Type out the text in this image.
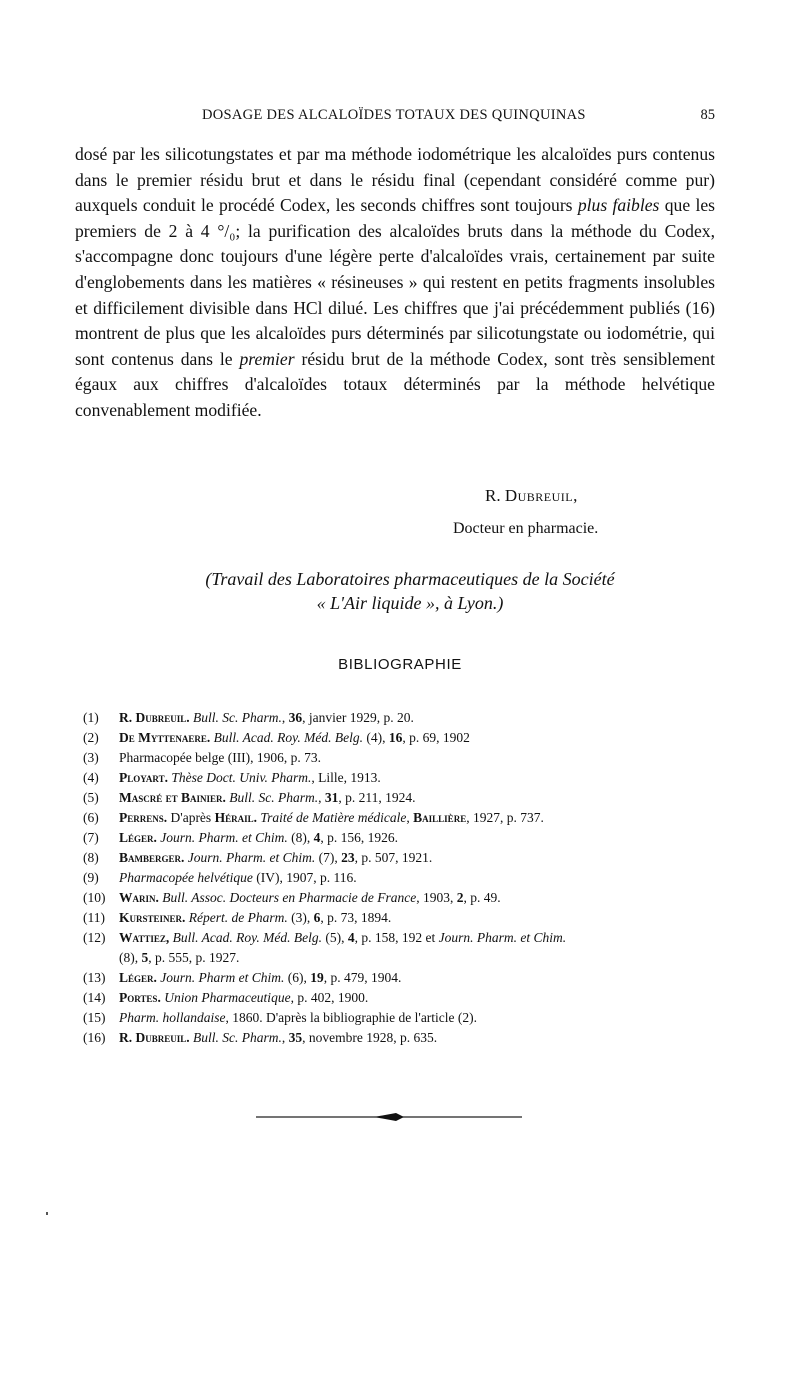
DOSAGE DES ALCALOÏDES TOTAUX DES QUINQUINAS	85

dosé par les silicotungstates et par ma méthode iodométrique les alcaloïdes purs contenus dans le premier résidu brut et dans le résidu final (cependant considéré comme pur) auxquels conduit le procédé Codex, les seconds chiffres sont toujours plus faibles que les premiers de 2 à 4 °/₀; la purification des alcaloïdes bruts dans la méthode du Codex, s'accompagne donc toujours d'une légère perte d'alcaloïdes vrais, certainement par suite d'englobements dans les matières « résineuses » qui restent en petits fragments insolubles et difficilement divisible dans HCl dilué. Les chiffres que j'ai précédemment publiés (16) montrent de plus que les alcaloïdes purs déterminés par silicotungstate ou iodométrie, qui sont contenus dans le premier résidu brut de la méthode Codex, sont très sensiblement égaux aux chiffres d'alcaloïdes totaux déterminés par la méthode helvétique convenablement modifiée.

R. Dubreuil,
Docteur en pharmacie.
(Travail des Laboratoires pharmaceutiques de la Société
« L'Air liquide », à Lyon.)
BIBLIOGRAPHIE
(1) R. Dubreuil. Bull. Sc. Pharm., 36, janvier 1929, p. 20.
(2) De Myttenaere. Bull. Acad. Roy. Méd. Belg. (4), 16, p. 69, 1902
(3) Pharmacopée belge (III), 1906, p. 73.
(4) Ployart. Thèse Doct. Univ. Pharm., Lille, 1913.
(5) Mascré et Bainier. Bull. Sc. Pharm., 31, p. 211, 1924.
(6) Perrens. D'après Hérail. Traité de Matière médicale, Baillière, 1927, p. 737.
(7) Léger. Journ. Pharm. et Chim. (8), 4, p. 156, 1926.
(8) Bamberger. Journ. Pharm. et Chim. (7), 23, p. 507, 1921.
(9) Pharmacopée helvétique (IV), 1907, p. 116.
(10) Warin. Bull. Assoc. Docteurs en Pharmacie de France, 1903, 2, p. 49.
(11) Kursteiner. Répert. de Pharm. (3), 6, p. 73, 1894.
(12) Wattiez, Bull. Acad. Roy. Méd. Belg. (5), 4, p. 158, 192 et Journ. Pharm. et Chim.
(8), 5, p. 555, p. 1927.
(13) Léger. Journ. Pharm et Chim. (6), 19, p. 479, 1904.
(14) Portes. Union Pharmaceutique, p. 402, 1900.
(15) Pharm. hollandaise, 1860. D'après la bibliographie de l'article (2).
(16) R. Dubreuil. Bull. Sc. Pharm., 35, novembre 1928, p. 635.
